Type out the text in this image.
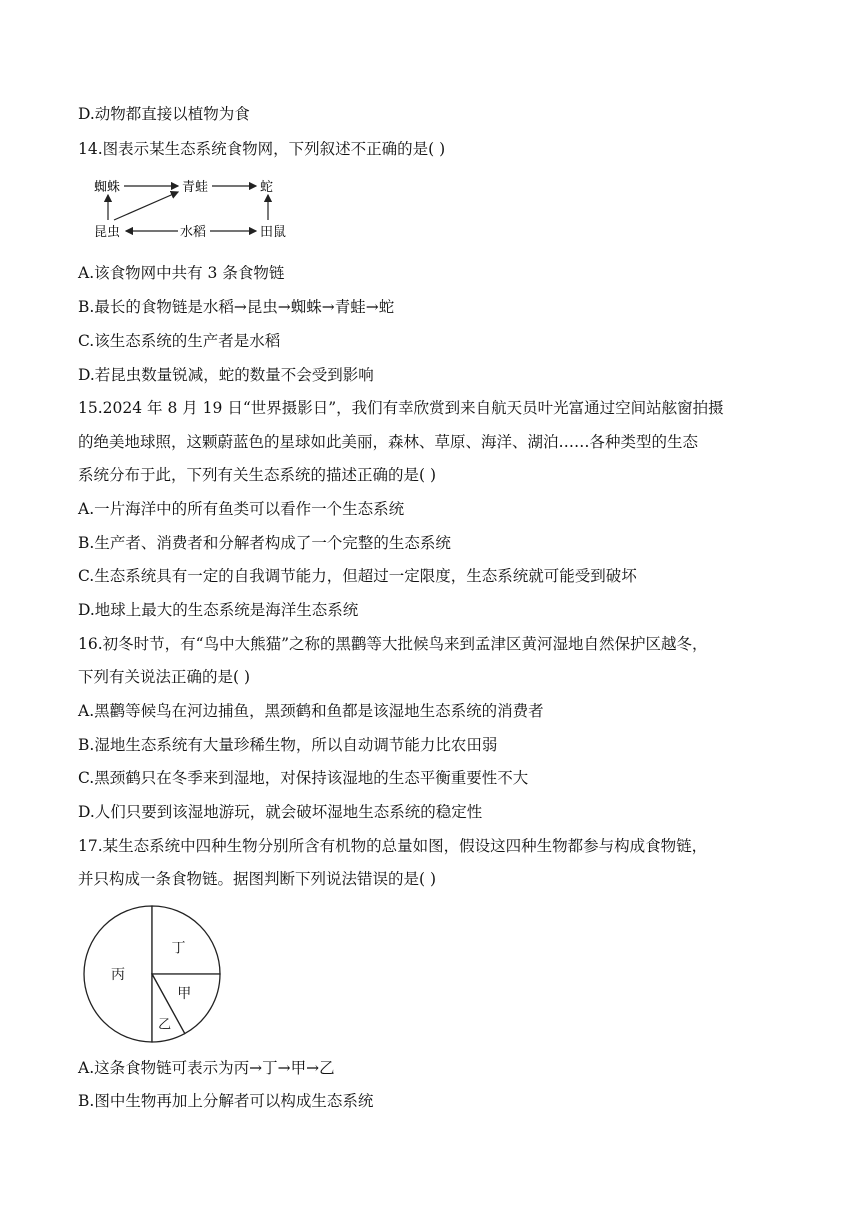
D.动物都直接以植物为食
14.图表示某生态系统食物网，下列叙述不正确的是( )
蜘蛛	青蛙	蛇
昆虫	水稻	田鼠
A.该食物网中共有 3 条食物链
B.最长的食物链是水稻→昆虫→蜘蛛→青蛙→蛇
C.该生态系统的生产者是水稻
D.若昆虫数量锐减，蛇的数量不会受到影响
15.2024 年 8 月 19 日“世界摄影日”，我们有幸欣赏到来自航天员叶光富通过空间站舷窗拍摄
的绝美地球照，这颗蔚蓝色的星球如此美丽，森林、草原、海洋、湖泊……各种类型的生态
系统分布于此，下列有关生态系统的描述正确的是( )
A.一片海洋中的所有鱼类可以看作一个生态系统
B.生产者、消费者和分解者构成了一个完整的生态系统
C.生态系统具有一定的自我调节能力，但超过一定限度，生态系统就可能受到破坏
D.地球上最大的生态系统是海洋生态系统
16.初冬时节，有“鸟中大熊猫”之称的黑鹳等大批候鸟来到孟津区黄河湿地自然保护区越冬，
下列有关说法正确的是( )
A.黑鹳等候鸟在河边捕鱼，黑颈鹤和鱼都是该湿地生态系统的消费者
B.湿地生态系统有大量珍稀生物，所以自动调节能力比农田弱
C.黑颈鹤只在冬季来到湿地，对保持该湿地的生态平衡重要性不大
D.人们只要到该湿地游玩，就会破坏湿地生态系统的稳定性
17.某生态系统中四种生物分别所含有机物的总量如图，假设这四种生物都参与构成食物链，
并只构成一条食物链。据图判断下列说法错误的是( )
丙
丁
甲
乙
A.这条食物链可表示为丙→丁→甲→乙
B.图中生物再加上分解者可以构成生态系统
